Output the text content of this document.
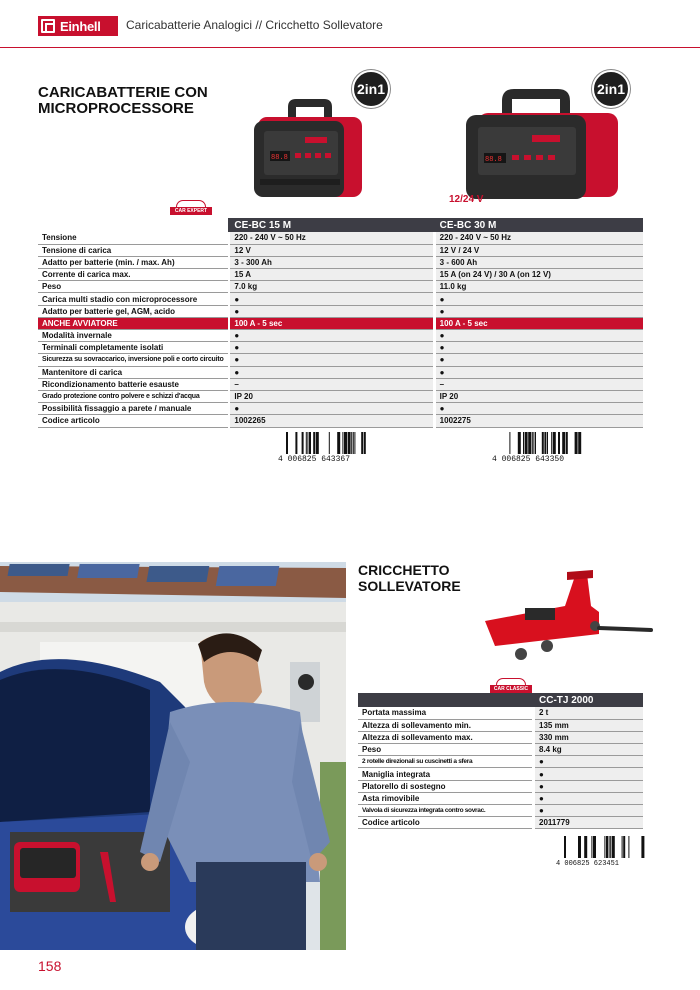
Einhell Caricabatterie Analogici // Cricchetto Sollevatore
CARICABATTERIE CON
MICROPROCESSORE
88.8
2in1
88.8
2in1
12/24 V
CAR EXPERT
		CE-BC 15 M		CE-BC 30 M
Tensione		220 - 240 V ~ 50 Hz		220 - 240 V ~ 50 Hz
Tensione di carica		12 V		12 V / 24 V
Adatto per batterie (min. / max. Ah)		3 - 300 Ah		3 - 600 Ah
Corrente di carica max.		15 A		15 A (on 24 V) / 30 A (on 12 V)
Peso		7.0 kg		11.0 kg
Carica multi stadio con microprocessore		●		●
Adatto per batterie gel, AGM, acido		●		●
ANCHE AVVIATORE		100 A - 5 sec		100 A - 5 sec
Modalità invernale		●		●
Terminali completamente isolati		●		●
Sicurezza su sovraccarico, inversione poli e corto circuito		●		●
Mantenitore di carica		●		●
Ricondizionamento batterie esauste		–		–
Grado protezione contro polvere e schizzi d'acqua		IP 20		IP 20
Possibilità fissaggio a parete / manuale		●		●
Codice articolo		1002265		1002275
4 006825 643367	4 006825 643350
CRICCHETTO
SOLLEVATORE
CAR CLASSIC
		CC-TJ 2000
Portata massima		2 t
Altezza di sollevamento min.		135 mm
Altezza di sollevamento max.		330 mm
Peso		8.4 kg
2 rotelle direzionali su cuscinetti a sfera		●
Maniglia integrata		●
Platorello di sostegno		●
Asta rimovibile		●
Valvola di sicurezza integrata contro sovrac.		●
Codice articolo		2011779
4 006825 623451
158
